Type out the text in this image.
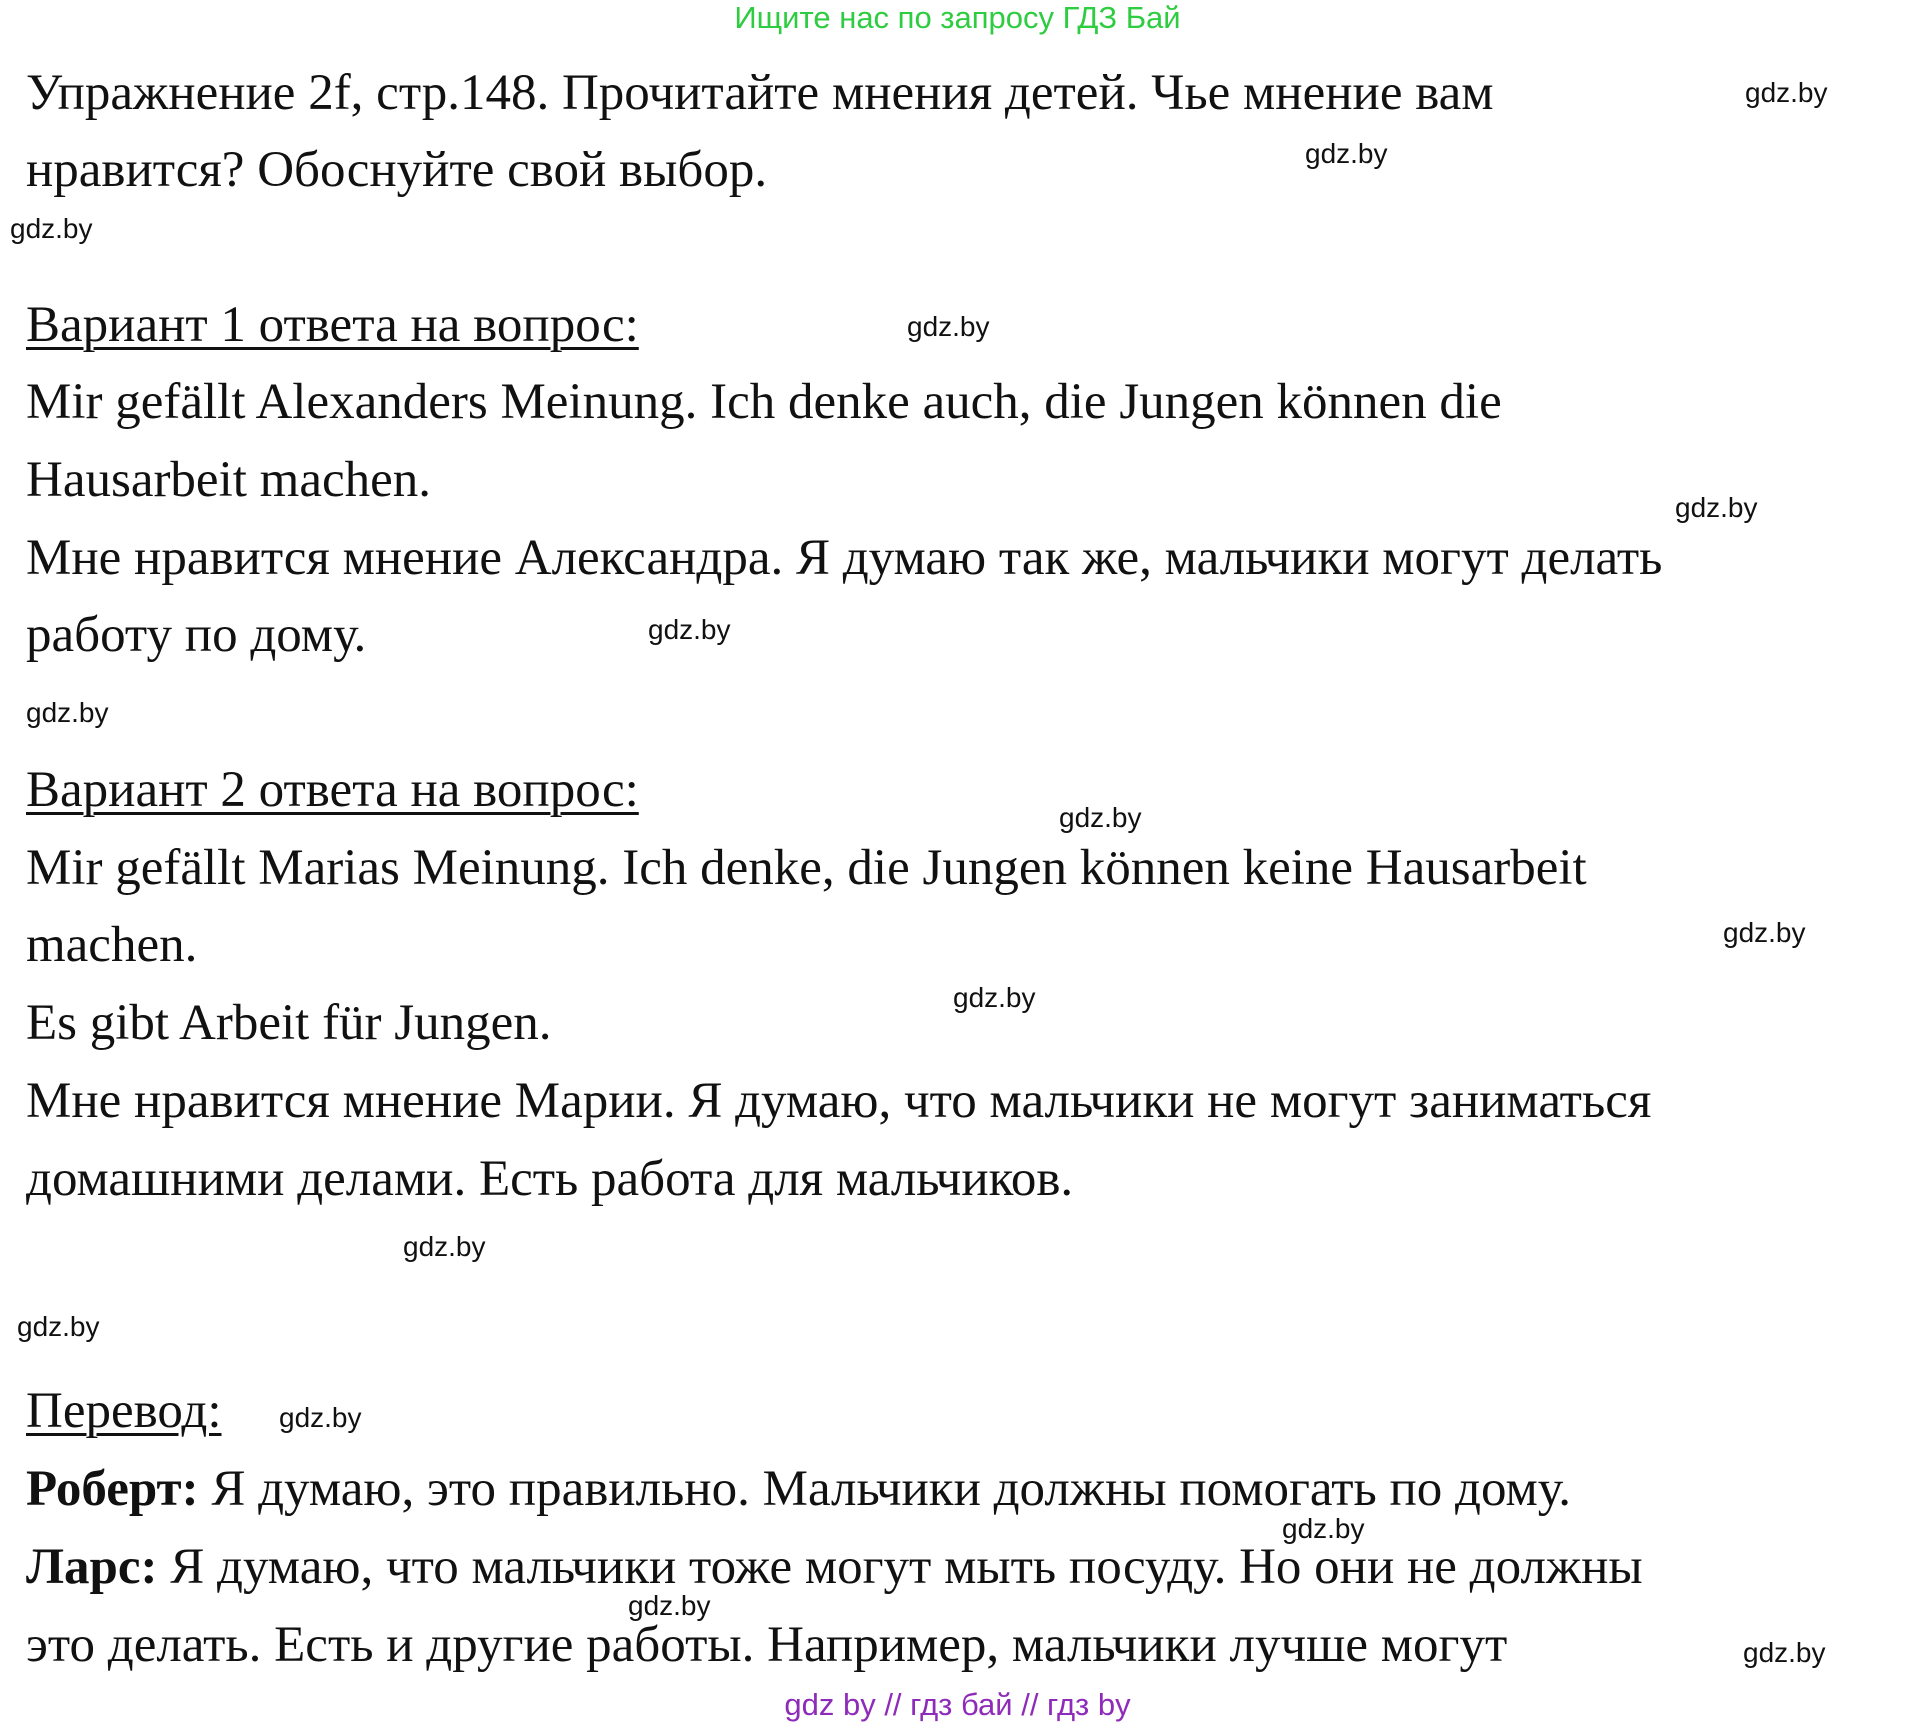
Ищите нас по запросу ГДЗ Бай
Упражнение 2f, стр.148. Прочитайте мнения детей. Чье мнение вам
нравится? Обоснуйте свой выбор.
Вариант 1 ответа на вопрос:
Mir gefällt Alexanders Meinung. Ich denke auch, die Jungen können die
Hausarbeit machen.
Мне нравится мнение Александра. Я думаю так же, мальчики могут делать
работу по дому.
Вариант 2 ответа на вопрос:
Mir gefällt Marias Meinung. Ich denke, die Jungen können keine Hausarbeit
machen.
Es gibt Arbeit für Jungen.
Мне нравится мнение Марии. Я думаю, что мальчики не могут заниматься
домашними делами. Есть работа для мальчиков.
Перевод:
Роберт: Я думаю, это правильно. Мальчики должны помогать по дому.
Ларс: Я думаю, что мальчики тоже могут мыть посуду. Но они не должны
это делать. Есть и другие работы. Например, мальчики лучше могут
gdz.by
gdz.by
gdz.by
gdz.by
gdz.by
gdz.by
gdz.by
gdz.by
gdz.by
gdz.by
gdz.by
gdz.by
gdz.by
gdz.by
gdz.by
gdz.by
gdz by // гдз бай // гдз by
